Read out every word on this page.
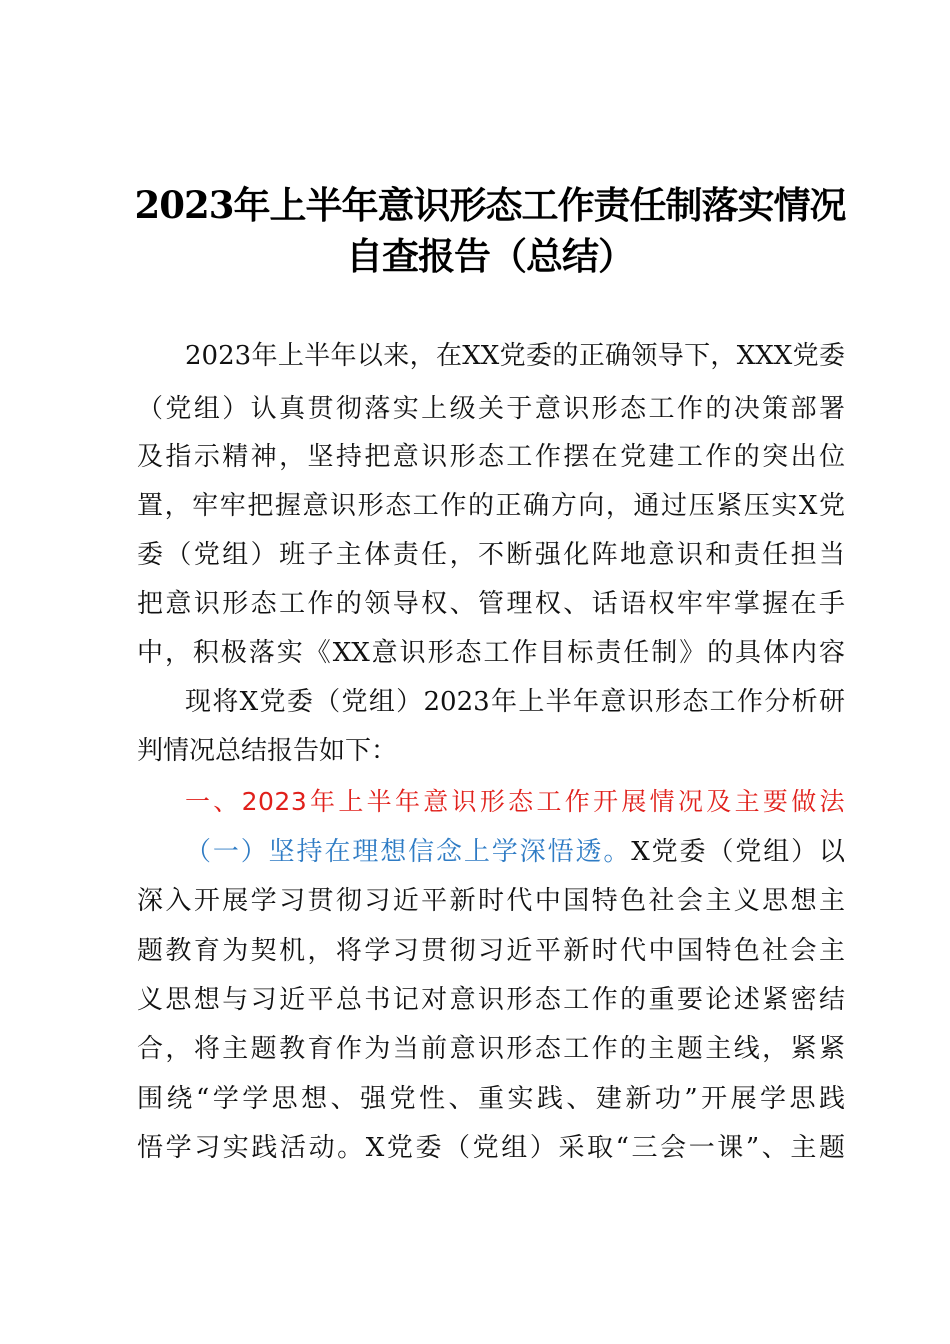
2023年上半年意识形态工作责任制落实情况
自查报告（总结）
2023年上半年以来，在XX党委的正确领导下，XXX党委
（党组）认真贯彻落实上级关于意识形态工作的决策部署
及指示精神，坚持把意识形态工作摆在党建工作的突出位
置，牢牢把握意识形态工作的正确方向，通过压紧压实X党
委（党组）班子主体责任，不断强化阵地意识和责任担当
把意识形态工作的领导权、管理权、话语权牢牢掌握在手
中，积极落实《XX意识形态工作目标责任制》的具体内容
现将X党委（党组）2023年上半年意识形态工作分析研
判情况总结报告如下：
一、2023年上半年意识形态工作开展情况及主要做法
（一）坚持在理想信念上学深悟透。X党委（党组）以
深入开展学习贯彻习近平新时代中国特色社会主义思想主
题教育为契机，将学习贯彻习近平新时代中国特色社会主
义思想与习近平总书记对意识形态工作的重要论述紧密结
合，将主题教育作为当前意识形态工作的主题主线，紧紧
围绕“学学思想、强党性、重实践、建新功”开展学思践
悟学习实践活动。X党委（党组）采取“三会一课”、主题
